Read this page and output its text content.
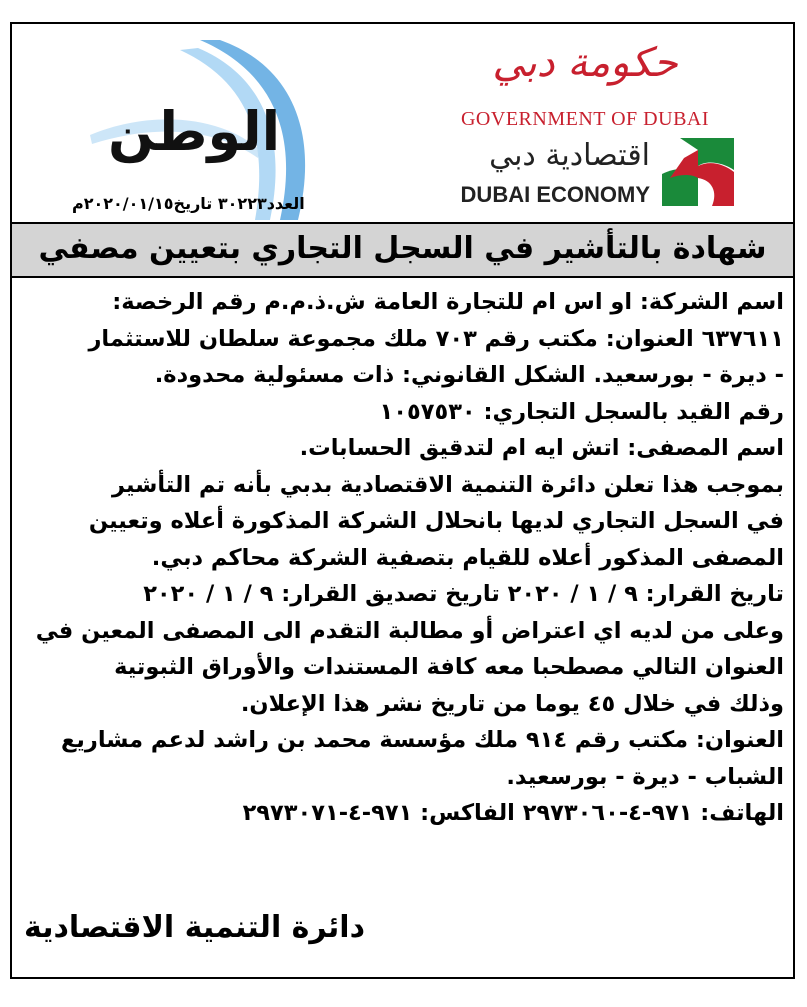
الوطن
العدد٣٠٢٢٣ تاريخ٢٠٢٠/٠١/١٥م
حكومة دبي
GOVERNMENT OF DUBAI
اقتصادية دبي
DUBAI ECONOMY
شهادة بالتأشير في السجل التجاري بتعيين مصفي
اسم الشركة: او اس ام للتجارة العامة ش.ذ.م.م رقم الرخصة:
٦٣٧٦١١ العنوان: مكتب رقم ٧٠٣ ملك مجموعة سلطان للاستثمار
- ديرة - بورسعيد. الشكل القانوني: ذات مسئولية محدودة.
رقم القيد بالسجل التجاري: ١٠٥٧٥٣٠
اسم المصفى: اتش ايه ام لتدقيق الحسابات.
بموجب هذا تعلن دائرة التنمية الاقتصادية بدبي بأنه تم التأشير
في السجل التجاري لديها بانحلال الشركة المذكورة أعلاه وتعيين
المصفى المذكور أعلاه للقيام بتصفية الشركة محاكم دبي.
تاريخ القرار: ٩ / ١ / ٢٠٢٠ تاريخ تصديق القرار: ٩ / ١ / ٢٠٢٠
وعلى من لديه اي اعتراض أو مطالبة التقدم الى المصفى المعين في
العنوان التالي مصطحبا معه كافة المستندات والأوراق الثبوتية
وذلك في خلال ٤٥ يوما من تاريخ نشر هذا الإعلان.
العنوان: مكتب رقم ٩١٤ ملك مؤسسة محمد بن راشد لدعم مشاريع
الشباب - ديرة - بورسعيد.
الهاتف: ٩٧١-٤-٢٩٧٣٠٦٠ الفاكس: ٩٧١-٤-٢٩٧٣٠٧١
دائرة التنمية الاقتصادية
